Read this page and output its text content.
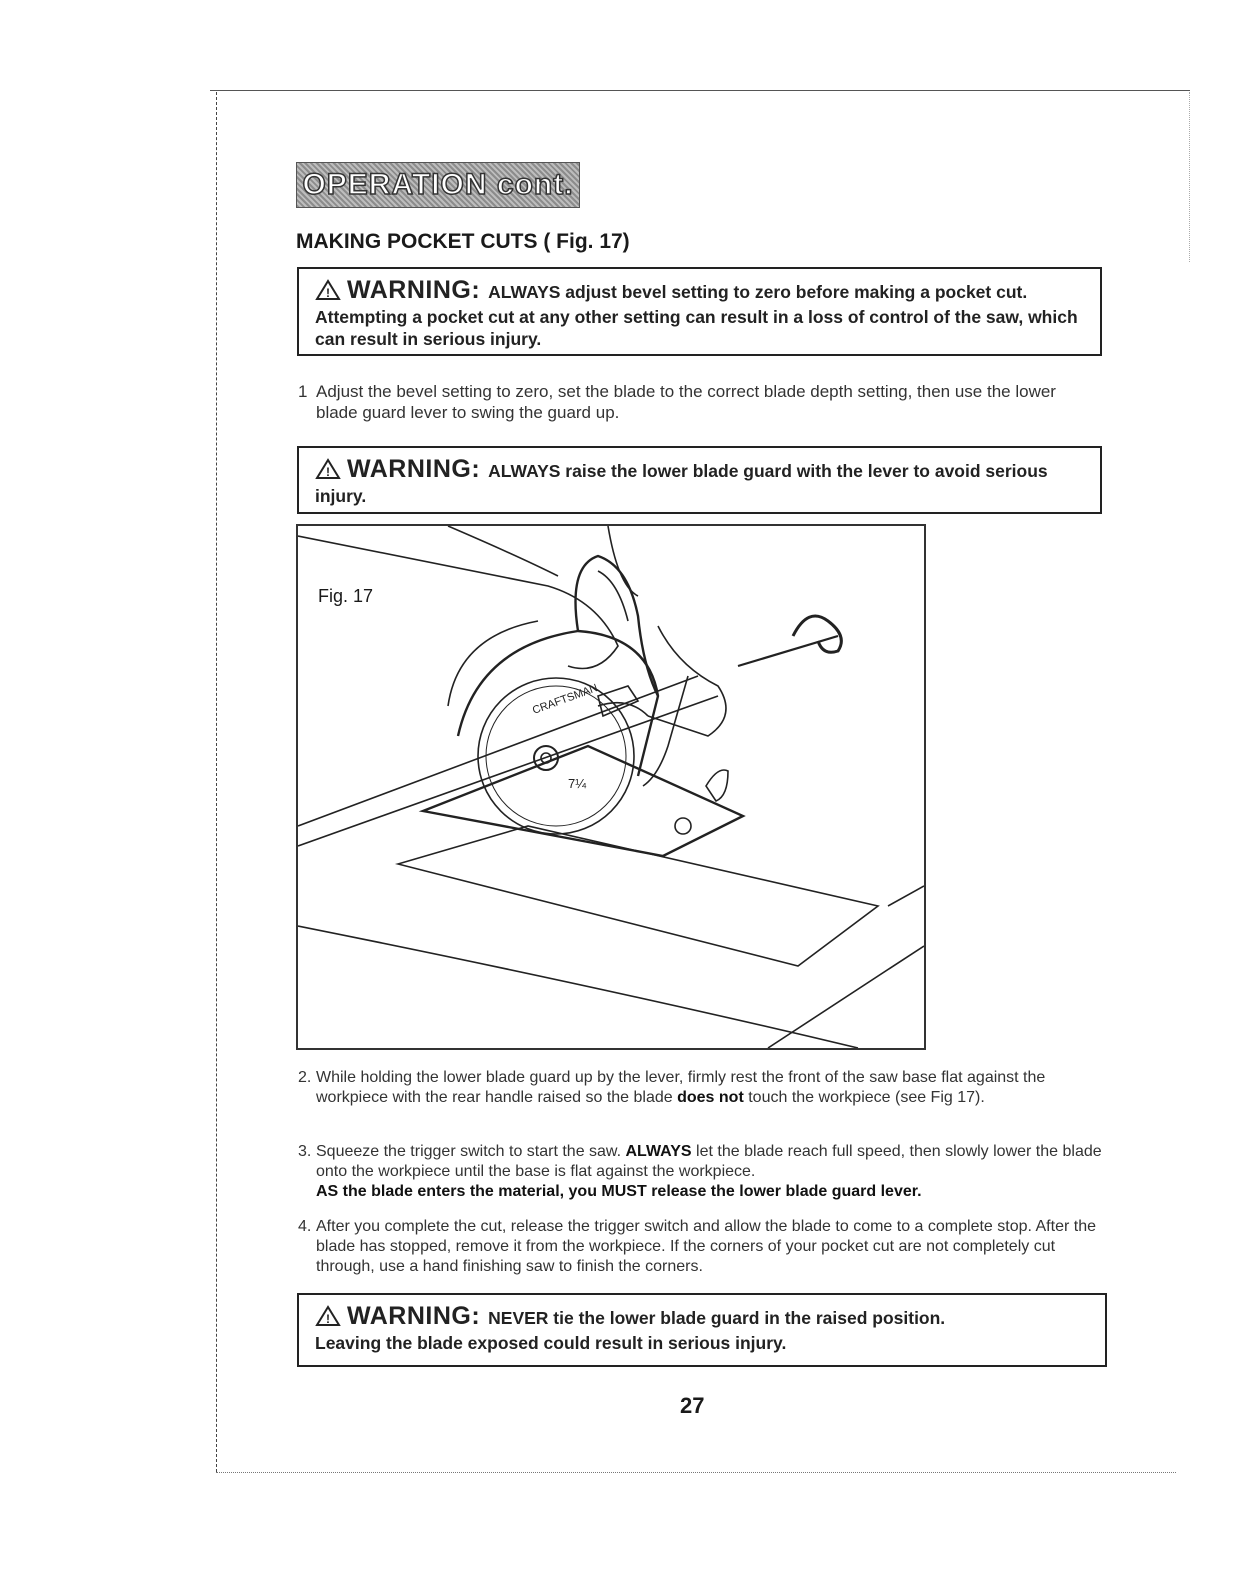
OPERATION cont.
MAKING POCKET CUTS ( Fig. 17)
! WARNING: ALWAYS adjust bevel setting to zero before making a pocket cut. Attempting a pocket cut at any other setting can result in a loss of control of the saw, which can result in serious injury.
1 Adjust the bevel setting to zero, set the blade to the correct blade depth setting, then use the lower blade guard lever to swing the guard up.
! WARNING: ALWAYS raise the lower blade guard with the lever to avoid serious injury.
CRAFTSMAN
7¼
Fig. 17
2. While holding the lower blade guard up by the lever, firmly rest the front of the saw base flat against the workpiece with the rear handle raised so the blade does not touch the workpiece (see Fig 17).
3. Squeeze the trigger switch to start the saw. ALWAYS let the blade reach full speed, then slowly lower the blade onto the workpiece until the base is flat against the workpiece.
AS the blade enters the material, you MUST release the lower blade guard lever.
4. After you complete the cut, release the trigger switch and allow the blade to come to a complete stop. After the blade has stopped, remove it from the workpiece. If the corners of your pocket cut are not completely cut through, use a hand finishing saw to finish the corners.
! WARNING: NEVER tie the lower blade guard in the raised position.
Leaving the blade exposed could result in serious injury.
27
